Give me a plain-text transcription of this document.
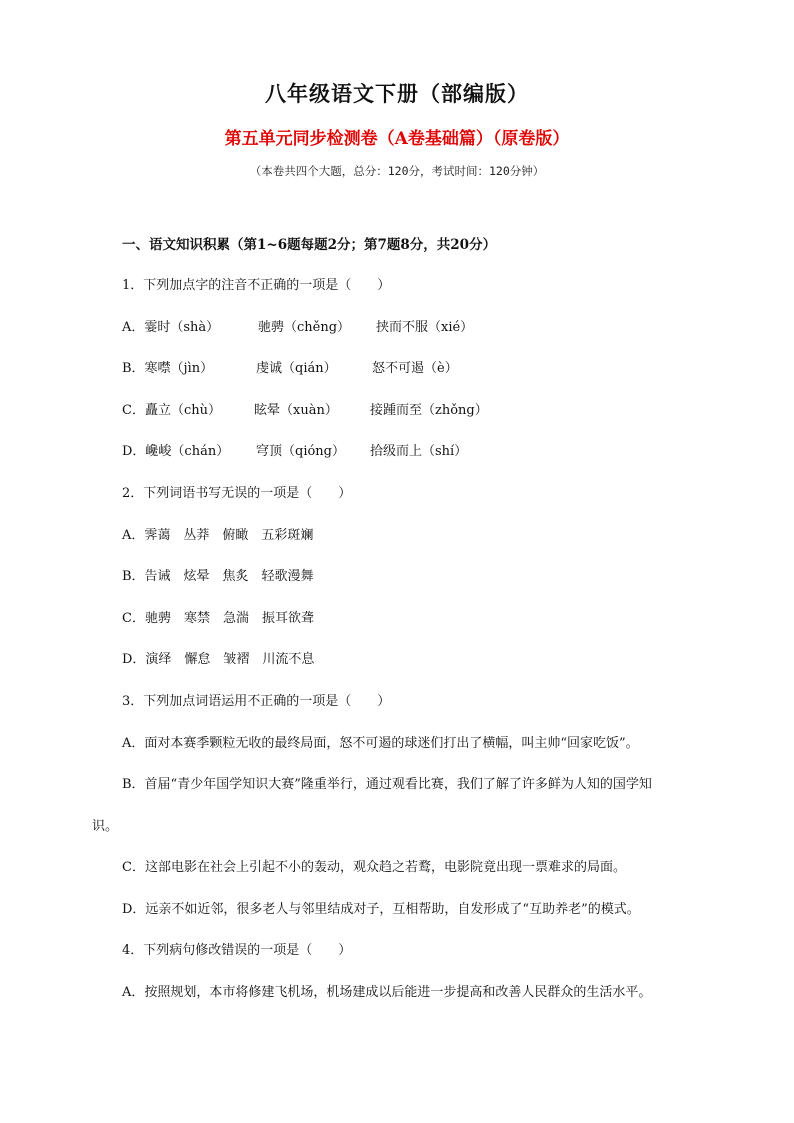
八年级语文下册（部编版）
第五单元同步检测卷（A卷基础篇）（原卷版）
（本卷共四个大题，总分：120分，考试时间：120分钟）
一、语文知识积累（第1~6题每题2分；第7题8分，共20分）
1．下列加点字的注音不正确的一项是（　　）
A．霎时（shà）	驰骋（chěng） 挟而不服（xié）
B．寒噤（jìn）	虔诚（qián）	怒不可遏（è）
C．矗立（chù）	眩晕（xuàn） 接踵而至（zhǒng）
D．巉峻（chán） 穹顶（qióng） 拾级而上（shí）
2．下列词语书写无误的一项是（　　）
A．霁蔼　丛莽　俯瞰　五彩斑斓
B．告诫　炫晕　焦炙　轻歌漫舞
C．驰骋　寒禁　急湍　振耳欲聋
D．演绎　懈怠　皱褶　川流不息
3．下列加点词语运用不正确的一项是（　　）
A．面对本赛季颗粒无收的最终局面，怒不可遏的球迷们打出了横幅，叫主帅“回家吃饭”。
B．首届“青少年国学知识大赛”隆重举行，通过观看比赛，我们了解了许多鲜为人知的国学知
识。
C．这部电影在社会上引起不小的轰动，观众趋之若鹜，电影院竟出现一票难求的局面。
D．远亲不如近邻，很多老人与邻里结成对子，互相帮助，自发形成了“互助养老”的模式。
4．下列病句修改错误的一项是（　　）
A．按照规划，本市将修建飞机场，机场建成以后能进一步提高和改善人民群众的生活水平。
